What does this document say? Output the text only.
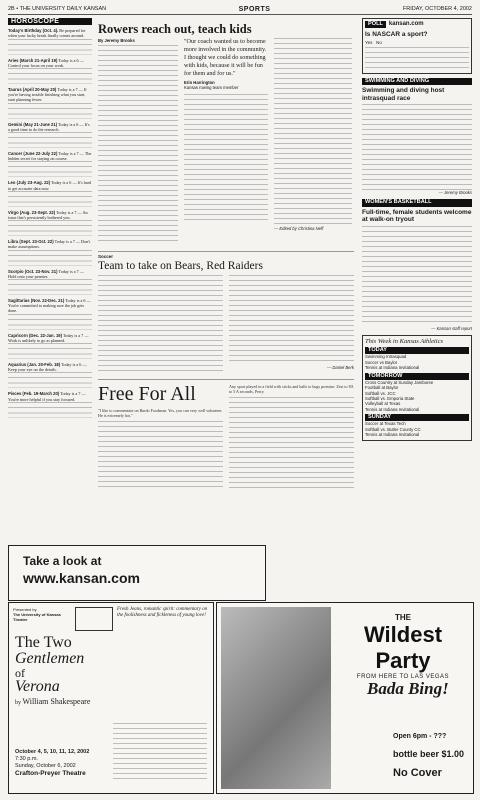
2B • THE UNIVERSITY DAILY KANSAN	SPORTS	FRIDAY, OCTOBER 4, 2002
HOROSCOPE
Today's Birthday (Oct. 4). Be prepared for when your lucky break finally comes around.
Aries (March 21-April 19) Today is a 6 — Control your focus on your work.
Taurus (April 20-May 20) Today is a 7 — If you're having trouble finishing what you start, start planning fewer.
Gemini (May 21-June 21) Today is a 6 — It's a good time to do the research.
Cancer (June 22-July 22) Today is a 7 — The hidden secret for staying on course.
Leo (July 23-Aug. 22) Today is a 6 — It's hard to get accurate data now.
Virgo (Aug. 23-Sept. 22) Today is a 7 — An issue that's persistently bothered you.
Libra (Sept. 23-Oct. 22) Today is a 7 — Don't make assumptions.
Scorpio (Oct. 23-Nov. 21) Today is a 7 — Hold onto your pennies.
Sagittarius (Nov. 22-Dec. 21) Today is a 6 — You're committed to making sure the job gets done.
Capricorn (Dec. 22-Jan. 19) Today is a 7 — Work is unlikely to go as planned.
Aquarius (Jan. 20-Feb. 18) Today is a 6 — Keep your eye on the details.
Pisces (Feb. 19-March 20) Today is a 7 — You're more helpful if you stay focused.
Rowers reach out, teach kids
By Jeremy Brooks	"Our coach wanted us to become more involved in the community. I thought we could do something with kids, because it will be fun for them and for us."
Erin Harrington
Kansas rowing team member
— Edited by Christina Neff
Soccer
Team to take on Bears, Red Raiders
— Daniel Berk
Free For All
"I like to commentate on Bardo Foodman. Yes, you can very well volunteer. He is extremely hot."
Any sport played in a field with sticks and balls to hugs promise. Zest to 8A to 5 A seconds, Perry.
POLL	kansan.com
Is NASCAR a sport?
Yes No
SWIMMING AND DIVING
Swimming and diving host intrasquad race
— Jeremy Brooks
WOMEN'S BASKETBALL
Full-time, female students welcome at walk-on tryout
— Kansan staff report
This Week in Kansas Athletics
TODAY
Swimming Intrasquad
Soccer vs Baylor
Tennis at Indiana Invitational
TOMORROW
Cross Country at Sunday Jamboree
Football at Baylor
Softball vs. JCC
Softball vs. Emporia State
Volleyball at Texas
Tennis at Indiana Invitational
SUNDAY
Soccer at Texas Tech
Softball vs. Butler County CC
Tennis at Indiana Invitational
Take a look at
www.kansan.com
Presented by
The University of Kansas Theatre
Fresh Jeans, romantic spirit: commentary on the foolishness and fickleness of young love!
The Two
Gentlemen
of
Verona
by William Shakespeare
October 4, 5, 10, 11, 12, 2002
7:30 p.m.
Sunday, October 6, 2002
Crafton-Preyer Theatre
THE
Wildest Party
FROM HERE TO LAS VEGAS
Bada Bing!
Open 6pm - ???
bottle beer $1.00
No Cover
